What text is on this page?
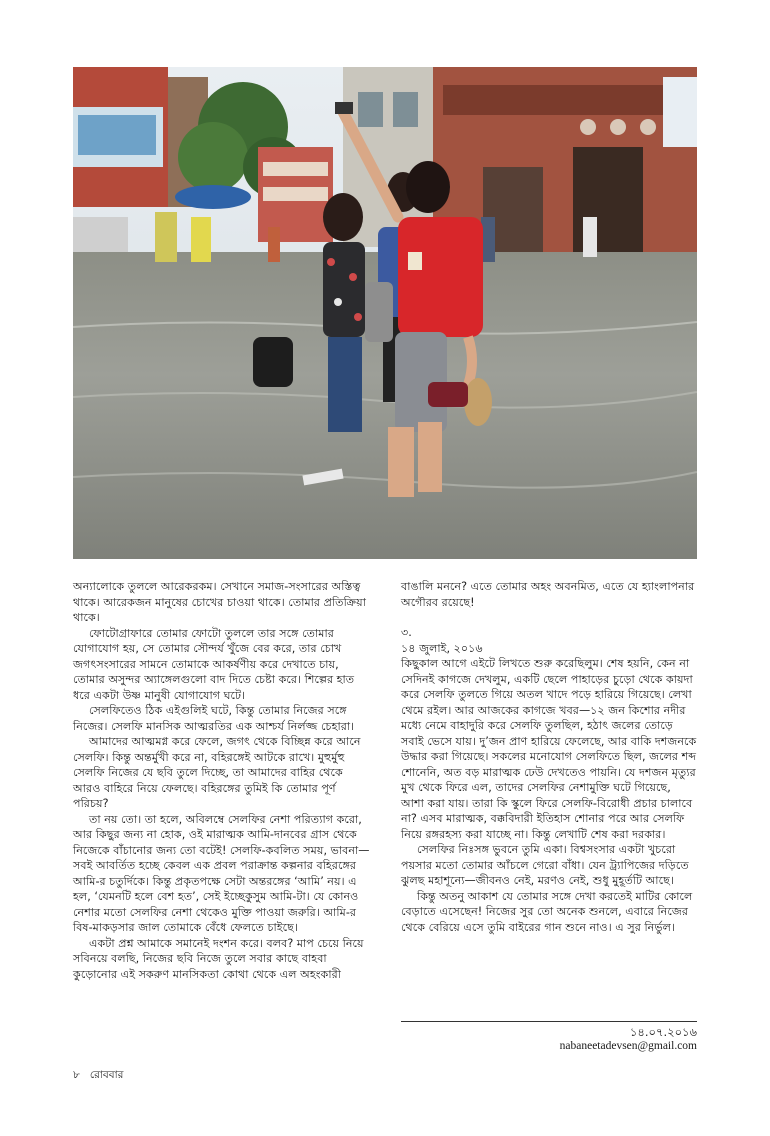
অন্যালোকে তুললে আরেকরকম। সেখানে সমাজ-সংসারের অস্তিত্ব থাকে। আরেকজন মানুষের চোখের চাওয়া থাকে। তোমার প্রতিক্রিয়া থাকে।

ফোটোগ্রাফারে তোমার ফোটো তুললে তার সঙ্গে তোমার যোগাযোগ হয়, সে তোমার সৌন্দর্য খুঁজে বের করে, তার চোখ জগৎসংসারের সামনে তোমাকে আকর্ষণীয় করে দেখাতে চায়, তোমার অসুন্দর অ্যাঙ্গেলগুলো বাদ দিতে চেষ্টা করে। শিল্পের হাত ধরে একটা উষ্ণ মানুষী যোগাযোগ ঘটে।

সেলফিতেও ঠিক এইগুলিই ঘটে, কিন্তু তোমার নিজের সঙ্গে নিজের। সেলফি মানসিক আত্মরতির এক আশ্চর্য নির্লজ্জ চেহারা।

আমাদের আত্মমগ্ন করে ফেলে, জগৎ থেকে বিচ্ছিন্ন করে আনে সেলফি। কিন্তু অন্তর্মুখী করে না, বহিরঙ্গেই আটকে রাখে। মুহুর্মুহু সেলফি নিজের যে ছবি তুলে দিচ্ছে, তা আমাদের বাহির থেকে আরও বাহিরে নিয়ে ফেলছে। বহিরঙ্গের তুমিই কি তোমার পূর্ণ পরিচয়?

তা নয় তো। তা হলে, অবিলম্বে সেলফির নেশা পরিত্যাগ করো, আর কিছুর জন্য না হোক, ওই মারাত্মক আমি-দানবের গ্রাস থেকে নিজেকে বাঁচানোর জন্য তো বটেই! সেলফি-কবলিত সময়, ভাবনা—সবই আবর্তিত হচ্ছে কেবল এক প্রবল পরাক্রান্ত কল্পনার বহিরঙ্গের আমি-র চতুর্দিকে। কিন্তু প্রকৃতপক্ষে সেটা অন্তরঙ্গের ‘আমি’ নয়। এ হল, ‘যেমনটি হলে বেশ হত’, সেই ইচ্ছেকুসুম আমি-টা। যে কোনও নেশার মতো সেলফির নেশা থেকেও মুক্তি পাওয়া জরুরি। আমি-র বিষ-মাকড়সার জাল তোমাকে বেঁধে ফেলতে চাইছে।

একটা প্রশ্ন আমাকে সমানেই দংশন করে। বলব? মাপ চেয়ে নিয়ে সবিনয়ে বলছি, নিজের ছবি নিজে তুলে সবার কাছে বাহবা কুড়োনোর এই সকরুণ মানসিকতা কোথা থেকে এল অহংকারী

বাঙালি মননে? এতে তোমার অহং অবনমিত, এতে যে হ্যাংলাপনার অগৌরব রয়েছে!

৩.

১৪ জুলাই, ২০১৬

কিছুকাল আগে এইটে লিখতে শুরু করেছিলুম। শেষ হয়নি, কেন না সেদিনই কাগজে দেখলুম, একটি ছেলে পাহাড়ের চুড়ো থেকে কায়দা করে সেলফি তুলতে গিয়ে অতল খাদে পড়ে হারিয়ে গিয়েছে। লেখা থেমে রইল। আর আজকের কাগজে খবর—১২ জন কিশোর নদীর মধ্যে নেমে বাহাদুরি করে সেলফি তুলছিল, হঠাৎ জলের তোড়ে সবাই ভেসে যায়। দু’জন প্রাণ হারিয়ে ফেলেছে, আর বাকি দশজনকে উদ্ধার করা গিয়েছে। সকলের মনোযোগ সেলফিতে ছিল, জলের শব্দ শোনেনি, অত বড় মারাত্মক ঢেউ দেখতেও পায়নি। যে দশজন মৃত্যুর মুখ থেকে ফিরে এল, তাদের সেলফির নেশামুক্তি ঘটে গিয়েছে, আশা করা যায়। তারা কি স্কুলে ফিরে সেলফি-বিরোধী প্রচার চালাবে না? এসব মারাত্মক, বক্কবিদারী ইতিহাস শোনার পরে আর সেলফি নিয়ে রঙ্গরহস্য করা যাচ্ছে না। কিন্তু লেখাটি শেষ করা দরকার।

সেলফির নিঃসঙ্গ ভুবনে তুমি একা। বিশ্বসংসার একটা খুচরো পয়সার মতো তোমার আঁচলে গেরো বাঁধা। যেন ট্র্যাপিজের দড়িতে ঝুলছ মহাশূন্যে—জীবনও নেই, মরণও নেই, শুধু মুহূর্তটি আছে।

কিন্তু অতনু আকাশ যে তোমার সঙ্গে দেখা করতেই মাটির কোলে বেড়াতে এসেছেন! নিজের সুর তো অনেক শুনলে, এবারে নিজের থেকে বেরিয়ে এসে তুমি বাইরের গান শুনে নাও। এ সুর নির্ভুল।

১৪.০৭.২০১৬
nabaneetadevsen@gmail.com
৮ রোববার
